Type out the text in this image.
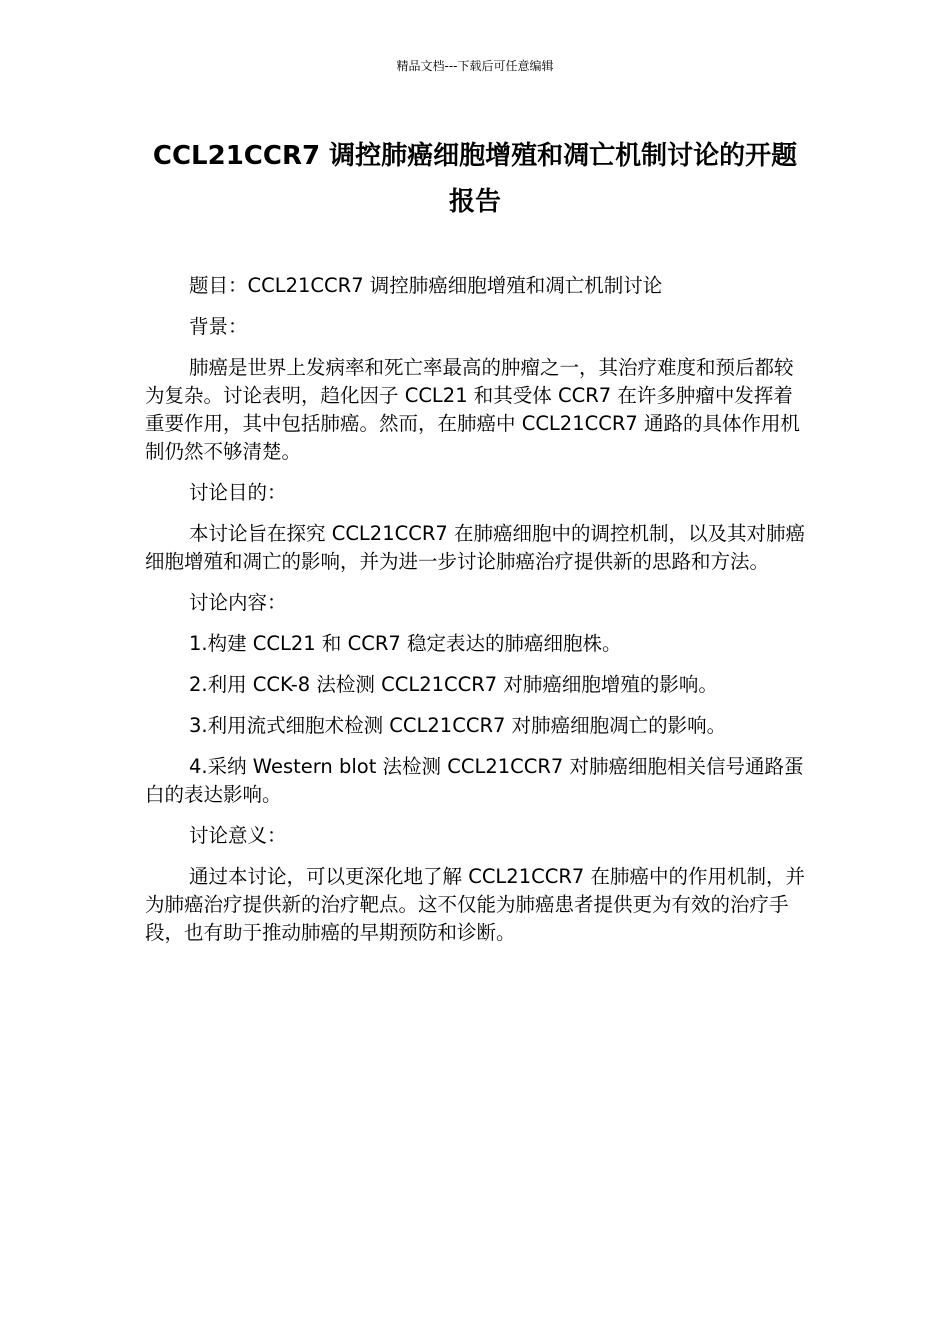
精品文档---下载后可任意编辑
CCL21CCR7 调控肺癌细胞增殖和凋亡机制讨论的开题报告

题目：CCL21CCR7 调控肺癌细胞增殖和凋亡机制讨论

背景：

肺癌是世界上发病率和死亡率最高的肿瘤之一，其治疗难度和预后都较为复杂。讨论表明，趋化因子 CCL21 和其受体 CCR7 在许多肿瘤中发挥着重要作用，其中包括肺癌。然而，在肺癌中 CCL21CCR7 通路的具体作用机制仍然不够清楚。

讨论目的：

本讨论旨在探究 CCL21CCR7 在肺癌细胞中的调控机制，以及其对肺癌细胞增殖和凋亡的影响，并为进一步讨论肺癌治疗提供新的思路和方法。

讨论内容：

1.构建 CCL21 和 CCR7 稳定表达的肺癌细胞株。

2.利用 CCK-8 法检测 CCL21CCR7 对肺癌细胞增殖的影响。

3.利用流式细胞术检测 CCL21CCR7 对肺癌细胞凋亡的影响。

4.采纳 Western blot 法检测 CCL21CCR7 对肺癌细胞相关信号通路蛋白的表达影响。

讨论意义：

通过本讨论，可以更深化地了解 CCL21CCR7 在肺癌中的作用机制，并为肺癌治疗提供新的治疗靶点。这不仅能为肺癌患者提供更为有效的治疗手段，也有助于推动肺癌的早期预防和诊断。
